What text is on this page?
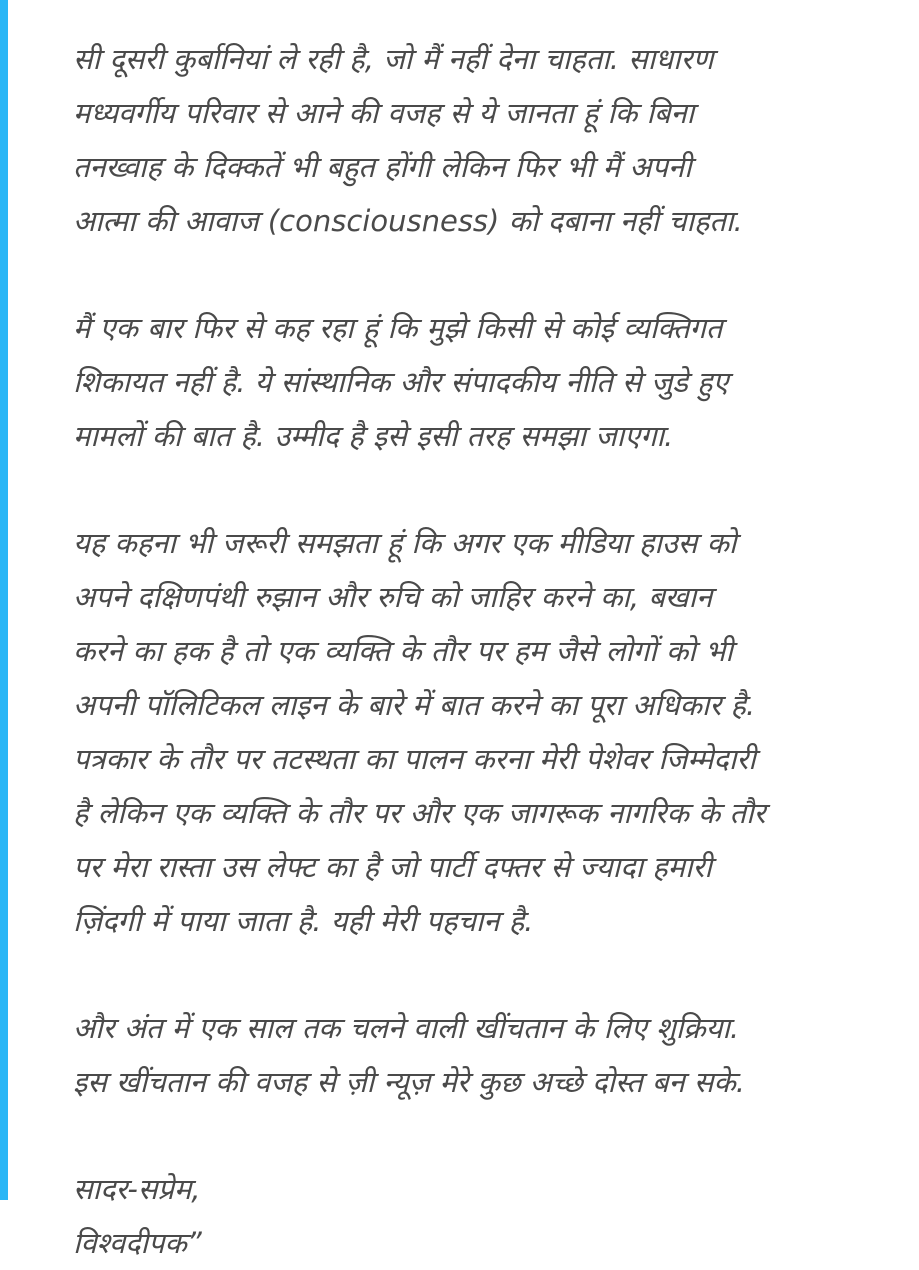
सी दूसरी कुर्बानियां ले रही है, जो मैं नहीं देना चाहता. साधारण
मध्यवर्गीय परिवार से आने की वजह से ये जानता हूं कि बिना
तनख्वाह के दिक्कतें भी बहुत होंगी लेकिन फिर भी मैं अपनी
आत्मा की आवाज (consciousness) को दबाना नहीं चाहता.
मैं एक बार फिर से कह रहा हूं कि मुझे किसी से कोई व्यक्तिगत
शिकायत नहीं है. ये सांस्थानिक और संपादकीय नीति से जुडे हुए
मामलों की बात है. उम्मीद है इसे इसी तरह समझा जाएगा.
यह कहना भी जरूरी समझता हूं कि अगर एक मीडिया हाउस को
अपने दक्षिणपंथी रुझान और रुचि को जाहिर करने का, बखान
करने का हक है तो एक व्यक्ति के तौर पर हम जैसे लोगों को भी
अपनी पॉलिटिकल लाइन के बारे में बात करने का पूरा अधिकार है.
पत्रकार के तौर पर तटस्थता का पालन करना मेरी पेशेवर जिम्मेदारी
है लेकिन एक व्यक्ति के तौर पर और एक जागरूक नागरिक के तौर
पर मेरा रास्ता उस लेफ्ट का है जो पार्टी दफ्तर से ज्यादा हमारी
ज़िंदगी में पाया जाता है. यही मेरी पहचान है.
और अंत में एक साल तक चलने वाली खींचतान के लिए शुक्रिया.
इस खींचतान की वजह से ज़ी न्यूज़ मेरे कुछ अच्छे दोस्त बन सके.
सादर-सप्रेम,
विश्वदीपक”
